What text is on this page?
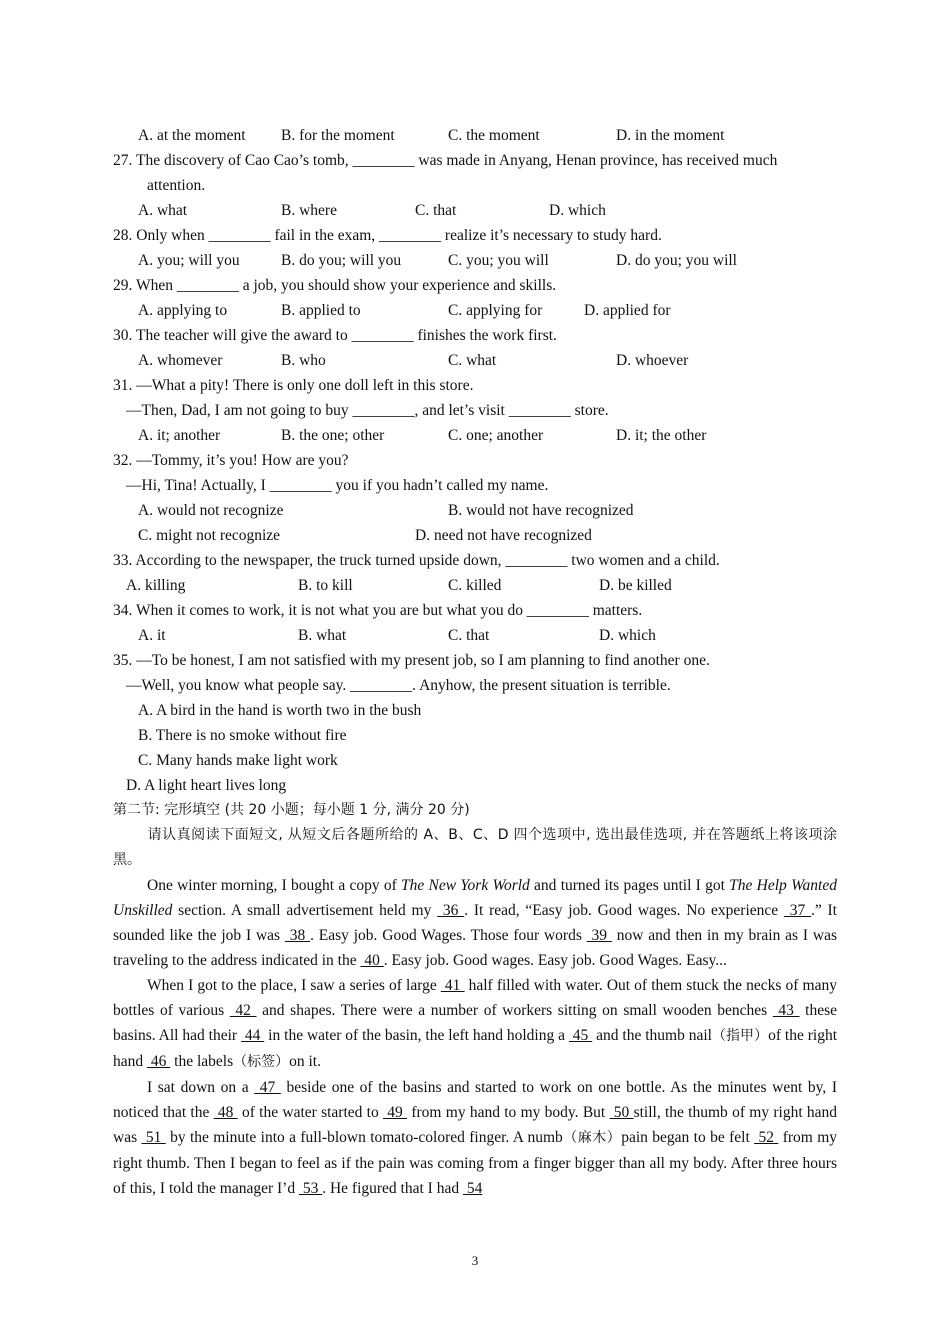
A. at the moment B. for the moment	C. the moment	D. in the moment
27. The discovery of Cao Cao’s tomb, ________ was made in Anyang, Henan province, has received much
attention.
A. what	B. where	C. that	D. which
28. Only when ________ fail in the exam, ________ realize it’s necessary to study hard.
A. you; will you	B. do you; will you	C. you; you will	D. do you; you will
29. When ________ a job, you should show your experience and skills.
A. applying to	B. applied to	C. applying for	D. applied for
30. The teacher will give the award to ________ finishes the work first.
A. whomever	B. who	C. what	D. whoever
31. —What a pity! There is only one doll left in this store.
—Then, Dad, I am not going to buy ________, and let’s visit ________ store.
A. it; another	B. the one; other	C. one; another	D. it; the other
32. —Tommy, it’s you! How are you?
—Hi, Tina! Actually, I ________ you if you hadn’t called my name.
A. would not recognize	B. would not have recognized
C. might not recognize	D. need not have recognized
33. According to the newspaper, the truck turned upside down, ________ two women and a child.
A. killing	B. to kill	C. killed	D. be killed
34. When it comes to work, it is not what you are but what you do ________ matters.
A. it	B. what	C. that	D. which
35. —To be honest, I am not satisfied with my present job, so I am planning to find another one.
—Well, you know what people say. ________. Anyhow, the present situation is terrible.
A. A bird in the hand is worth two in the bush
B. There is no smoke without fire
C. Many hands make light work
D. A light heart lives long
第二节: 完形填空 (共 20 小题；每小题 1 分, 满分 20 分)
请认真阅读下面短文, 从短文后各题所给的 A、B、C、D 四个选项中, 选出最佳选项, 并在答题纸上将该项涂黑。
One winter morning, I bought a copy of The New York World and turned its pages until I got The Help Wanted Unskilled section. A small advertisement held my  36 . It read, “Easy job. Good wages. No experience  37 .” It sounded like the job I was  38 . Easy job. Good Wages. Those four words  39  now and then in my brain as I was traveling to the address indicated in the  40 . Easy job. Good wages. Easy job. Good Wages. Easy...
When I got to the place, I saw a series of large  41  half filled with water. Out of them stuck the necks of many bottles of various  42  and shapes. There were a number of workers sitting on small wooden benches  43  these basins. All had their  44  in the water of the basin, the left hand holding a  45  and the thumb nail（指甲）of the right hand  46  the labels（标签）on it.
I sat down on a  47  beside one of the basins and started to work on one bottle. As the minutes went by, I noticed that the  48  of the water started to  49  from my hand to my body. But  50 still, the thumb of my right hand was  51  by the minute into a full-blown tomato-colored finger. A numb（麻木）pain began to be felt  52  from my right thumb. Then I began to feel as if the pain was coming from a finger bigger than all my body. After three hours of this, I told the manager I’d  53 . He figured that I had  54
3
